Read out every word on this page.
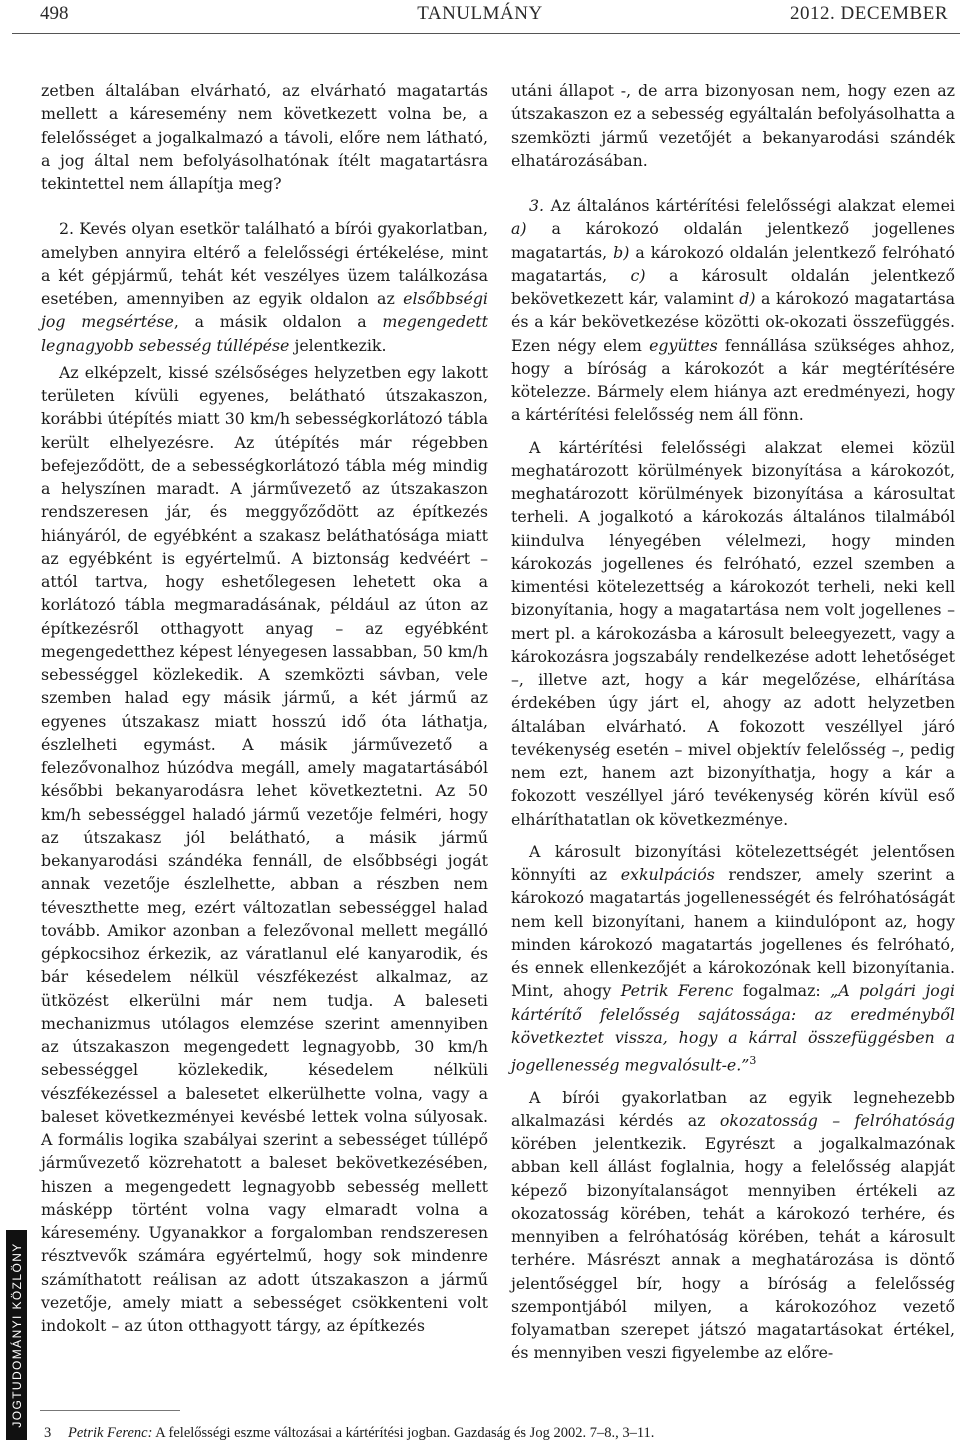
498	TANULMÁNY	2012. DECEMBER

zetben általában elvárható, az elvárható magatartás mellett a káresemény nem következett volna be, a felelősséget a jogalkalmazó a távoli, előre nem látható, a jog által nem befolyásolhatónak ítélt magatartásra tekintettel nem állapítja meg?

2. Kevés olyan esetkör található a bírói gyakorlatban, amelyben annyira eltérő a felelősségi értékelése, mint a két gépjármű, tehát két veszélyes üzem találkozása esetében, amennyiben az egyik oldalon az elsőbbségi jog megsértése, a másik oldalon a megengedett legnagyobb sebesség túllépése jelentkezik.

Az elképzelt, kissé szélsőséges helyzetben egy lakott területen kívüli egyenes, belátható útszakaszon, korábbi útépítés miatt 30 km/h sebességkorlátozó tábla került elhelyezésre. Az útépítés már régebben befejeződött, de a sebességkorlátozó tábla még mindig a helyszínen maradt. A járművezető az útszakaszon rendszeresen jár, és meggyőződött az építkezés hiányáról, de egyébként a szakasz beláthatósága miatt az egyébként is egyértelmű. A biztonság kedvéért – attól tartva, hogy eshetőlegesen lehetett oka a korlátozó tábla megmaradásának, például az úton az építkezésről otthagyott anyag – az egyébként megengedetthez képest lényegesen lassabban, 50 km/h sebességgel közlekedik. A szemközti sávban, vele szemben halad egy másik jármű, a két jármű az egyenes útszakasz miatt hosszú idő óta láthatja, észlelheti egymást. A másik járművezető a felezővonalhoz húzódva megáll, amely magatartásából későbbi bekanyarodásra lehet következtetni. Az 50 km/h sebességgel haladó jármű vezetője felméri, hogy az útszakasz jól belátható, a másik jármű bekanyarodási szándéka fennáll, de elsőbbségi jogát annak vezetője észlelhette, abban a részben nem téveszthette meg, ezért változatlan sebességgel halad tovább. Amikor azonban a felezővonal mellett megálló gépkocsihoz érkezik, az váratlanul elé kanyarodik, és bár késedelem nélkül vészfékezést alkalmaz, az ütközést elkerülni már nem tudja. A baleseti mechanizmus utólagos elemzése szerint amennyiben az útszakaszon megengedett legnagyobb, 30 km/h sebességgel közlekedik, késedelem nélküli vészfékezéssel a balesetet elkerülhette volna, vagy a baleset következményei kevésbé lettek volna súlyosak. A formális logika szabályai szerint a sebességet túllépő járművezető közrehatott a baleset bekövetkezésében, hiszen a megengedett legnagyobb sebesség mellett másképp történt volna vagy elmaradt volna a káresemény. Ugyanakkor a forgalomban rendszeresen résztvevők számára egyértelmű, hogy sok mindenre számíthatott reálisan az adott útszakaszon a jármű vezetője, amely miatt a sebességet csökkenteni volt indokolt – az úton otthagyott tárgy, az építkezés

utáni állapot -, de arra bizonyosan nem, hogy ezen az útszakaszon ez a sebesség egyáltalán befolyásolhatta a szemközti jármű vezetőjét a bekanyarodási szándék elhatározásában.

3. Az általános kártérítési felelősségi alakzat elemei a) a károkozó oldalán jelentkező jogellenes magatartás, b) a károkozó oldalán jelentkező felróható magatartás, c) a károsult oldalán jelentkező bekövetkezett kár, valamint d) a károkozó magatartása és a kár bekövetkezése közötti ok-okozati összefüggés. Ezen négy elem együttes fennállása szükséges ahhoz, hogy a bíróság a károkozót a kár megtérítésére kötelezze. Bármely elem hiánya azt eredményezi, hogy a kártérítési felelősség nem áll fönn.

A kártérítési felelősségi alakzat elemei közül meghatározott körülmények bizonyítása a károkozót, meghatározott körülmények bizonyítása a károsultat terheli. A jogalkotó a károkozás általános tilalmából kiindulva lényegében vélelmezi, hogy minden károkozás jogellenes és felróható, ezzel szemben a kimentési kötelezettség a károkozót terheli, neki kell bizonyítania, hogy a magatartása nem volt jogellenes – mert pl. a károkozásba a károsult beleegyezett, vagy a károkozásra jogszabály rendelkezése adott lehetőséget –, illetve azt, hogy a kár megelőzése, elhárítása érdekében úgy járt el, ahogy az adott helyzetben általában elvárható. A fokozott veszéllyel járó tevékenység esetén – mivel objektív felelősség –, pedig nem ezt, hanem azt bizonyíthatja, hogy a kár a fokozott veszéllyel járó tevékenység körén kívül eső elháríthatatlan ok következménye.

A károsult bizonyítási kötelezettségét jelentősen könnyíti az exkulpációs rendszer, amely szerint a károkozó magatartás jogellenességét és felróhatóságát nem kell bizonyítani, hanem a kiindulópont az, hogy minden károkozó magatartás jogellenes és felróható, és ennek ellenkezőjét a károkozónak kell bizonyítania. Mint, ahogy Petrik Ferenc fogalmaz: „A polgári jogi kártérítő felelősség sajátossága: az eredményből következtet vissza, hogy a kárral összefüggésben a jogellenesség megvalósult-e.”$^3$

A bírói gyakorlatban az egyik legnehezebb alkalmazási kérdés az okozatosság – felróhatóság körében jelentkezik. Egyrészt a jogalkalmazónak abban kell állást foglalnia, hogy a felelősség alapját képező bizonyítalanságot mennyiben értékeli az okozatosság körében, tehát a károkozó terhére, és mennyiben a felróhatóság körében, tehát a károsult terhére. Másrészt annak a meghatározása is döntő jelentőséggel bír, hogy a bíróság a felelősség szempontjából milyen, a károkozóhoz vezető folyamatban szerepet játszó magatartásokat értékel, és mennyiben veszi figyelembe az előre-

JOGTUDOMÁNYI KÖZLÖNY
3 Petrik Ferenc: A felelősségi eszme változásai a kártérítési jogban. Gazdaság és Jog 2002. 7–8., 3–11.
